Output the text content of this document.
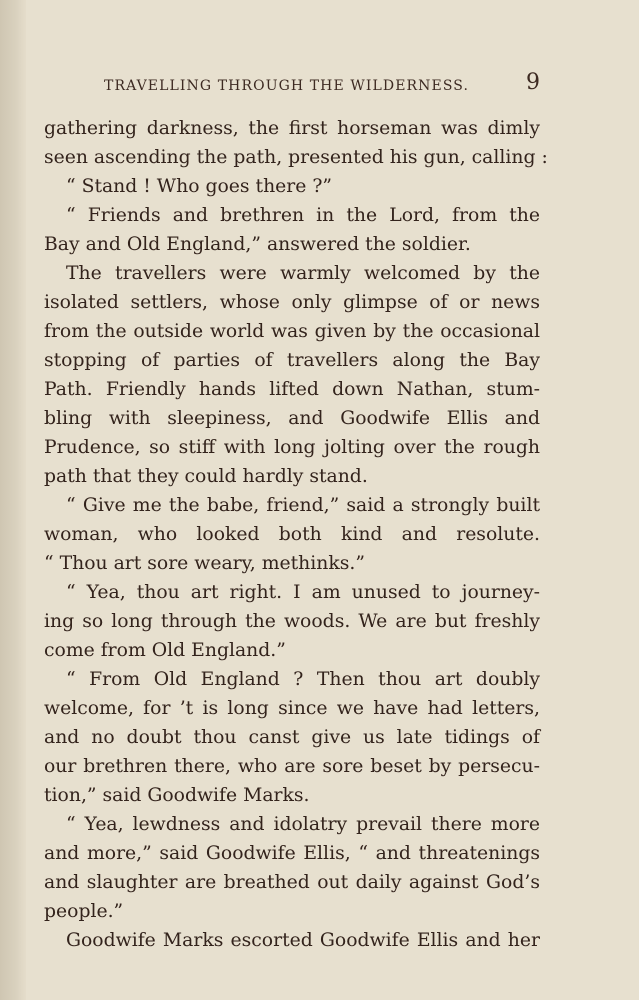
TRAVELLING THROUGH THE WILDERNESS.	9
gathering darkness, the first horseman was dimly
seen ascending the path, presented his gun, calling :
“ Stand ! Who goes there ?”
“ Friends and brethren in the Lord, from the
Bay and Old England,” answered the soldier.
The travellers were warmly welcomed by the
isolated settlers, whose only glimpse of or news
from the outside world was given by the occasional
stopping of parties of travellers along the Bay
Path. Friendly hands lifted down Nathan, stum-
bling with sleepiness, and Goodwife Ellis and
Prudence, so stiff with long jolting over the rough
path that they could hardly stand.
“ Give me the babe, friend,” said a strongly built
woman, who looked both kind and resolute.
“ Thou art sore weary, methinks.”
“ Yea, thou art right. I am unused to journey-
ing so long through the woods. We are but freshly
come from Old England.”
“ From Old England ? Then thou art doubly
welcome, for ’t is long since we have had letters,
and no doubt thou canst give us late tidings of
our brethren there, who are sore beset by persecu-
tion,” said Goodwife Marks.
“ Yea, lewdness and idolatry prevail there more
and more,” said Goodwife Ellis, “ and threatenings
and slaughter are breathed out daily against God’s
people.”
Goodwife Marks escorted Goodwife Ellis and her
